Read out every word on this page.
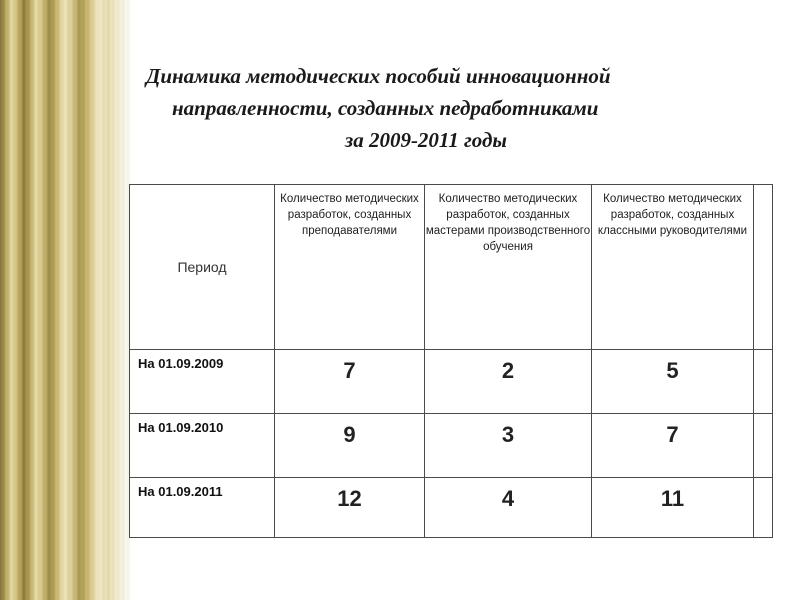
Динамика методических пособий инновационной
направленности, созданных педработниками
за 2009-2011 годы
Период	Количество методических разработок, созданных преподавателями	Количество методических разработок, созданных мастерами производственного обучения	Количество методических разработок, созданных классными руководителями	
На 01.09.2009	7	2	5	
На 01.09.2010	9	3	7	
На 01.09.2011	12	4	11	
